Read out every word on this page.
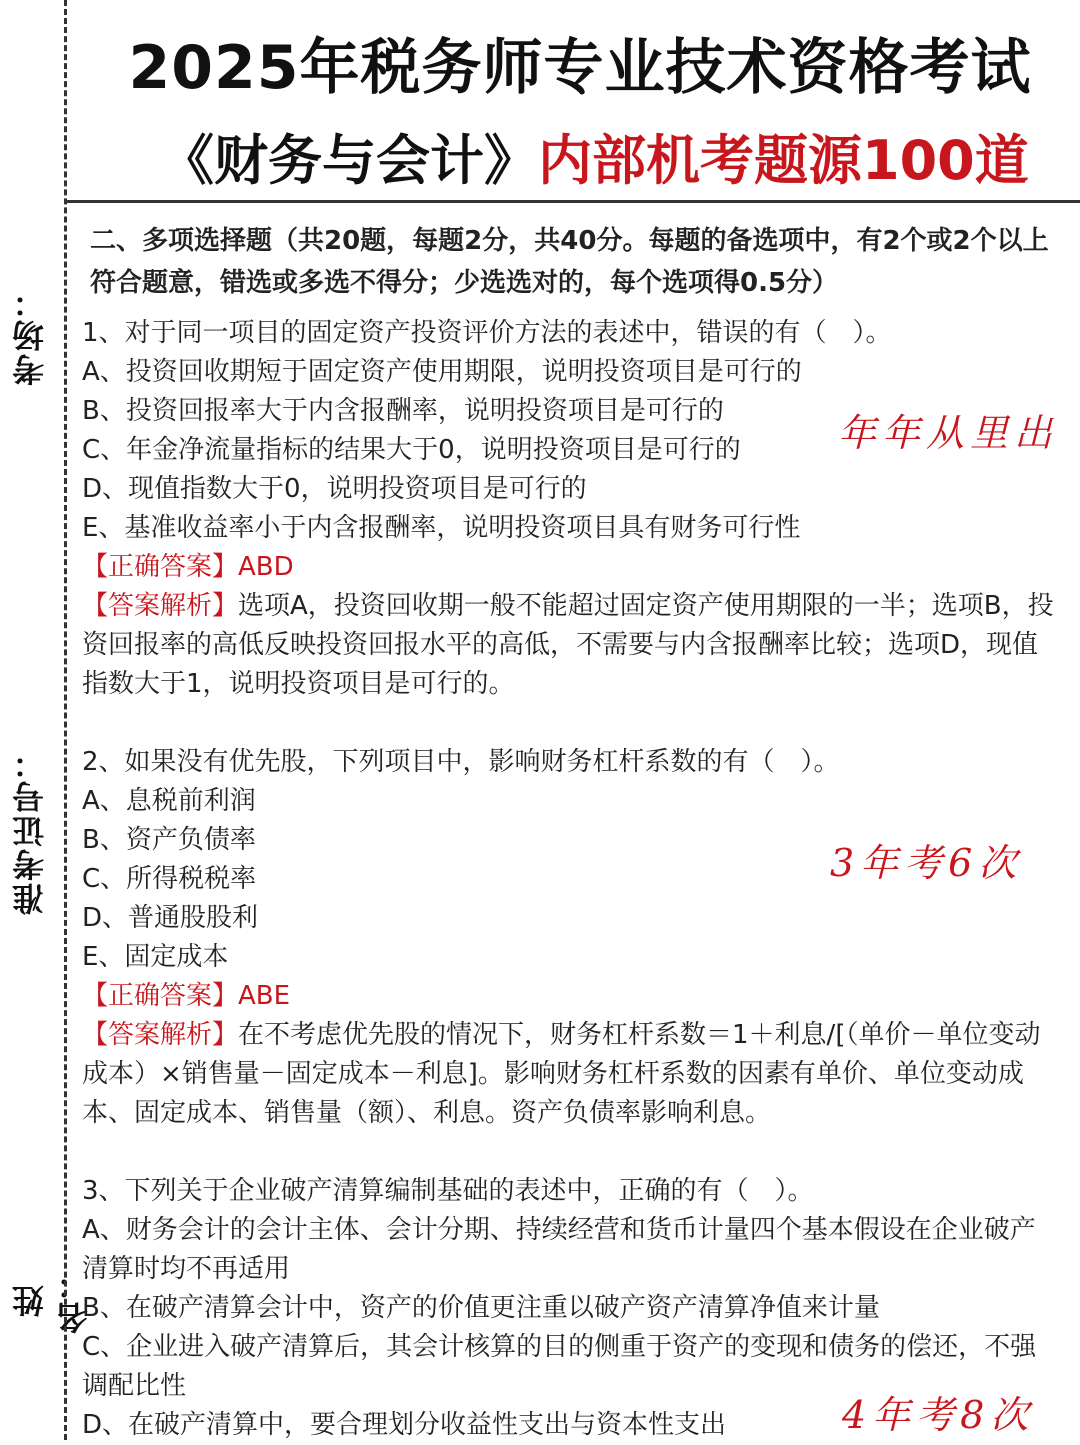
考场：
准考证号：
姓名：
2025年税务师专业技术资格考试
《财务与会计》内部机考题源100道
二、多项选择题（共20题，每题2分，共40分。每题的备选项中，有2个或2个以上符合题意，错选或多选不得分；少选选对的，每个选项得0.5分）
1、对于同一项目的固定资产投资评价方法的表述中，错误的有（　）。
A、投资回收期短于固定资产使用期限，说明投资项目是可行的
B、投资回报率大于内含报酬率，说明投资项目是可行的
C、年金净流量指标的结果大于0，说明投资项目是可行的
D、现值指数大于0，说明投资项目是可行的
E、基准收益率小于内含报酬率，说明投资项目具有财务可行性
【正确答案】ABD
【答案解析】选项A，投资回收期一般不能超过固定资产使用期限的一半；选项B，投资回报率的高低反映投资回报水平的高低，不需要与内含报酬率比较；选项D，现值指数大于1，说明投资项目是可行的。
2、如果没有优先股，下列项目中，影响财务杠杆系数的有（　）。
A、息税前利润
B、资产负债率
C、所得税税率
D、普通股股利
E、固定成本
【正确答案】ABE
【答案解析】在不考虑优先股的情况下，财务杠杆系数＝1＋利息/[（单价－单位变动成本）×销售量－固定成本－利息]。影响财务杠杆系数的因素有单价、单位变动成本、固定成本、销售量（额）、利息。资产负债率影响利息。
3、下列关于企业破产清算编制基础的表述中，正确的有（　）。
A、财务会计的会计主体、会计分期、持续经营和货币计量四个基本假设在企业破产清算时均不再适用
B、在破产清算会计中，资产的价值更注重以破产资产清算净值来计量
C、企业进入破产清算后，其会计核算的目的侧重于资产的变现和债务的偿还，不强调配比性
D、在破产清算中，要合理划分收益性支出与资本性支出
年年从里出
3年考6次
4年考8次
